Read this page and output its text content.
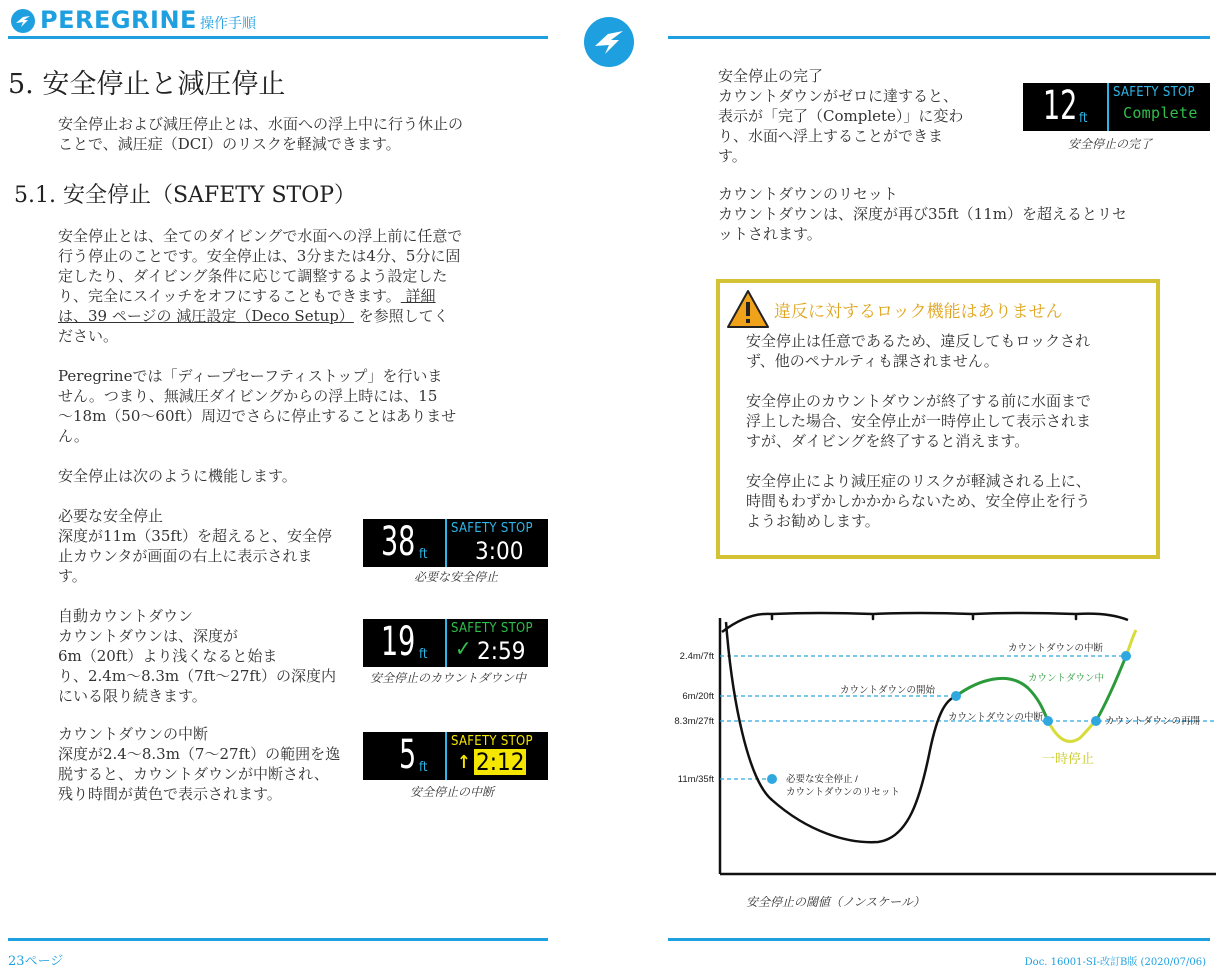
PEREGRINE 操作手順
5. 安全停止と減圧停止
安全停止および減圧停止とは、水面への浮上中に行う休止の
ことで、減圧症（DCI）のリスクを軽減できます。
5.1. 安全停止（SAFETY STOP）
安全停止とは、全てのダイビングで水面への浮上前に任意で
行う停止のことです。安全停止は、3分または4分、5分に固
定したり、ダイビング条件に応じて調整するよう設定した
り、完全にスイッチをオフにすることもできます。 詳細
は、39 ページの 減圧設定（Deco Setup） を参照してく
ださい。
Peregrineでは「ディープセーフティストップ」を行いま
せん。つまり、無減圧ダイビングからの浮上時には、15
〜18m（50〜60ft）周辺でさらに停止することはありませ
ん。
安全停止は次のように機能します。
必要な安全停止
深度が11m（35ft）を超えると、安全停
止カウンタが画面の右上に表示されま
す。
自動カウントダウン
カウントダウンは、深度が
6m（20ft）より浅くなると始ま
り、2.4m〜8.3m（7ft〜27ft）の深度内
にいる限り続きます。
カウントダウンの中断
深度が2.4〜8.3m（7〜27ft）の範囲を逸
脱すると、カウントダウンが中断され、
残り時間が黄色で表示されます。
38 ft
SAFETY STOP
3:00
必要な安全停止
19 ft
SAFETY STOP
✓ 2:59
安全停止のカウントダウン中
5 ft
SAFETY STOP
↑ 2:12
安全停止の中断
安全停止の完了
カウントダウンがゼロに達すると、
表示が「完了（Complete）」に変わ
り、水面へ浮上することができま
す。
12 ft
SAFETY STOP
Complete
安全停止の完了
カウントダウンのリセット
カウントダウンは、深度が再び35ft（11m）を超えるとリセ
ットされます。
違反に対するロック機能はありません
安全停止は任意であるため、違反してもロックされ
ず、他のペナルティも課されません。
安全停止のカウントダウンが終了する前に水面まで
浮上した場合、安全停止が一時停止して表示されま
すが、ダイビングを終了すると消えます。
安全停止により減圧症のリスクが軽減される上に、
時間もわずかしかかからないため、安全停止を行う
ようお勧めします。
2.4m/7ft
6m/20ft
8.3m/27ft
11m/35ft	必要な安全停止 /
カウントダウンのリセット
カウントダウンの開始
カウントダウンの中断
カウントダウンの中断
カウントダウン中
一時停止
カウントダウンの再開
安全停止の閾値（ノンスケール）
23ページ	Doc. 16001-SI-改訂B版 (2020/07/06)
